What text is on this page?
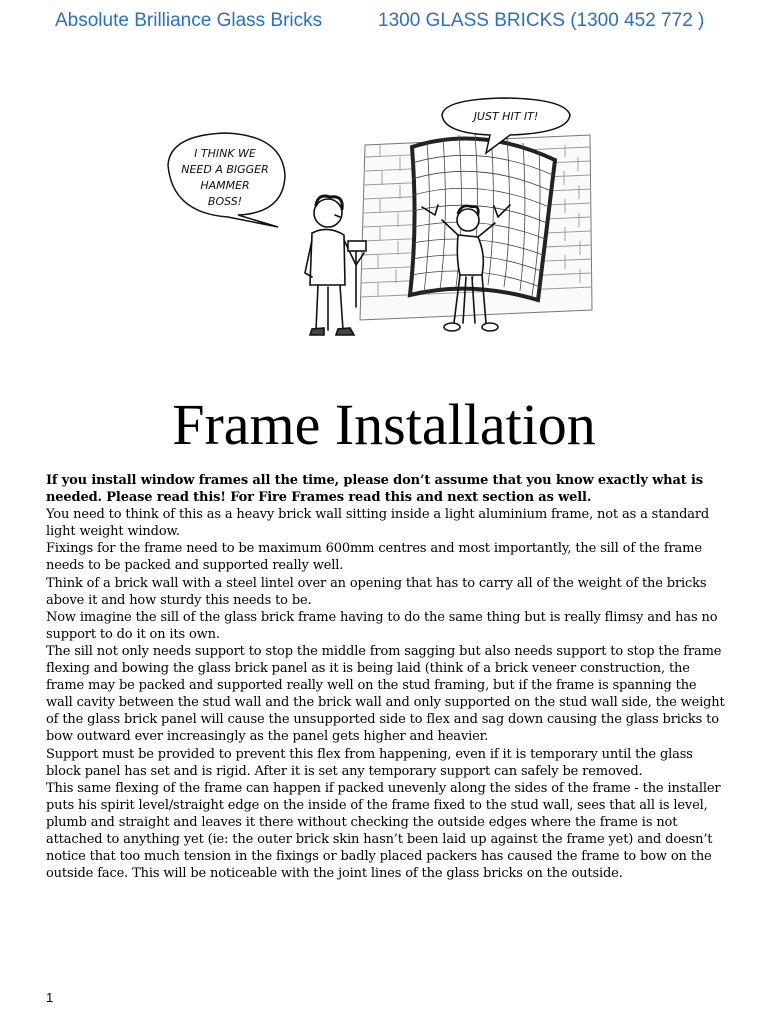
Absolute Brilliance Glass Bricks	1300 GLASS BRICKS (1300 452 772 )
I THINK WE
NEED A BIGGER
HAMMER
BOSS!
JUST HIT IT!
Frame Installation

If you install window frames all the time, please don’t assume that you know exactly what is needed. Please read this! For Fire Frames read this and next section as well.

You need to think of this as a heavy brick wall sitting inside a light aluminium frame, not as a standard light weight window.

Fixings for the frame need to be maximum 600mm centres and most importantly, the sill of the frame needs to be packed and supported really well.

Think of a brick wall with a steel lintel over an opening that has to carry all of the weight of the bricks above it and how sturdy this needs to be.

Now imagine the sill of the glass brick frame having to do the same thing but is really flimsy and has no support to do it on its own.

The sill not only needs support to stop the middle from sagging but also needs support to stop the frame flexing and bowing the glass brick panel as it is being laid (think of a brick veneer construction, the frame may be packed and supported really well on the stud framing, but if the frame is spanning the wall cavity between the stud wall and the brick wall and only supported on the stud wall side, the weight of the glass brick panel will cause the unsupported side to flex and sag down causing the glass bricks to bow outward ever increasingly as the panel gets higher and heavier.

Support must be provided to prevent this flex from happening, even if it is temporary until the glass block panel has set and is rigid. After it is set any temporary support can safely be removed.

This same flexing of the frame can happen if packed unevenly along the sides of the frame - the installer puts his spirit level/straight edge on the inside of the frame fixed to the stud wall, sees that all is level, plumb and straight and leaves it there without checking the outside edges where the frame is not attached to anything yet (ie: the outer brick skin hasn’t been laid up against the frame yet) and doesn’t notice that too much tension in the fixings or badly placed packers has caused the frame to bow on the outside face. This will be noticeable with the joint lines of the glass bricks on the outside.

1
